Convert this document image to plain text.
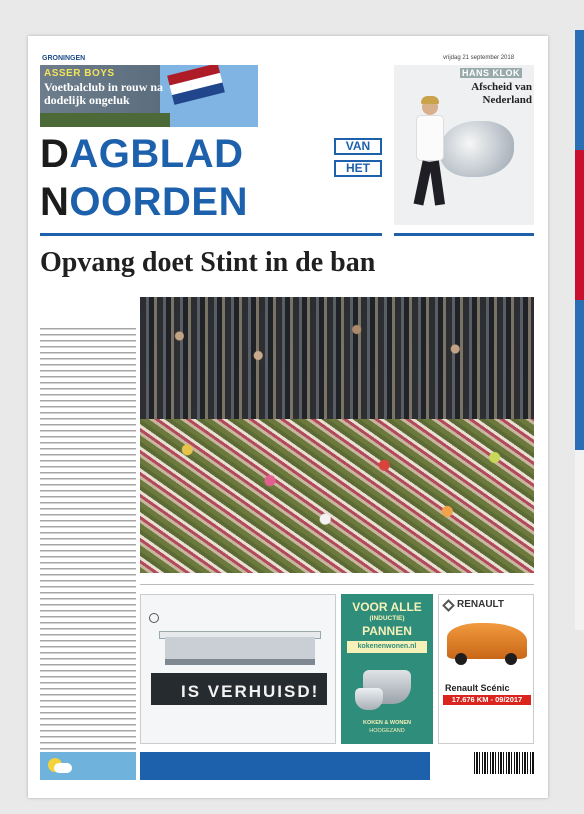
GRONINGEN	vrijdag 21 september 2018
ASSER BOYS
Voetbalclub in rouw na dodelijk ongeluk
HANS KLOK
Afscheid van Nederland
DAGBLAD
NOORDEN
VAN
HET
Opvang doet Stint in de ban
IS VERHUISD!
VOOR ALLE
(INDUCTIE)
PANNEN
kokenenwonen.nl
KOKEN & WONEN
HOOGEZAND
RENAULT
Renault Scénic
17.676 KM - 09/2017
